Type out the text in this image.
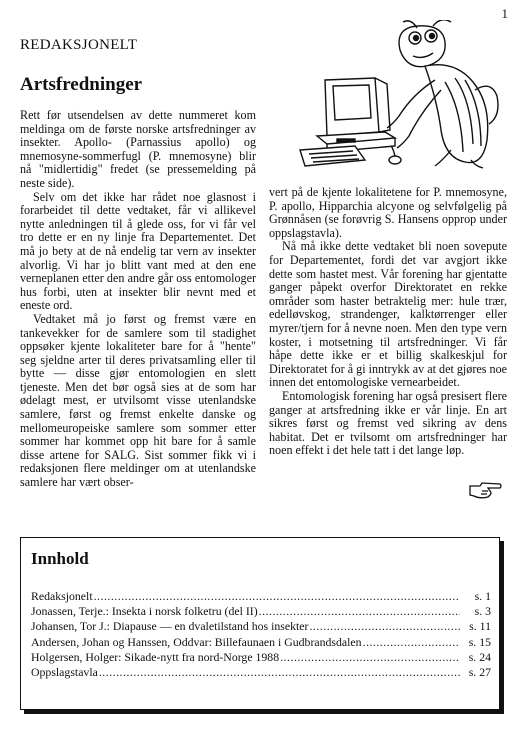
1
REDAKSJONELT
Artsfredninger

Rett før utsendelsen av dette nummeret kom meldinga om de første norske artsfredninger av insekter. Apollo- (Parnassius apollo) og mnemosyne-sommerfugl (P. mnemosyne) blir nå "midlertidig" fredet (se pressemelding på neste side).

Selv om det ikke har rådet noe glasnost i forarbeidet til dette vedtaket, får vi allikevel nytte anledningen til å glede oss, for vi får vel tro dette er en ny linje fra Departementet. Det må jo bety at de nå endelig tar vern av insekter alvorlig. Vi har jo blitt vant med at den ene verneplanen etter den andre går oss entomologer hus forbi, uten at insekter blir nevnt med et eneste ord.

Vedtaket må jo først og fremst være en tankevekker for de samlere som til stadighet oppsøker kjente lokaliteter bare for å "hente" seg sjeldne arter til deres privatsamling eller til bytte — disse gjør entomologien en slett tjeneste. Men det bør også sies at de som har ødelagt mest, er utvilsomt visse utenlandske samlere, først og fremst enkelte danske og mellomeuropeiske samlere som sommer etter sommer har kommet opp hit bare for å samle disse artene for SALG. Sist sommer fikk vi i redaksjonen flere meldinger om at utenlandske samlere har vært obser-

vert på de kjente lokalitetene for P. mnemosyne, P. apollo, Hipparchia alcyone og selvfølgelig på Grønnåsen (se forøvrig S. Hansens opprop under oppslagstavla).

Nå må ikke dette vedtaket bli noen sovepute for Departementet, fordi det var avgjort ikke dette som hastet mest. Vår forening har gjentatte ganger påpekt overfor Direktoratet en rekke områder som haster betraktelig mer: hule trær, edelløvskog, strandenger, kalktørrenger eller myrer/tjern for å nevne noen. Men den type vern koster, i motsetning til artsfredninger. Vi får håpe dette ikke er et billig skalkeskjul for Direktoratet for å gi inntrykk av at det gjøres noe innen det entomologiske vernearbeidet.

Entomologisk forening har også presisert flere ganger at artsfredning ikke er vår linje. En art sikres først og fremst ved sikring av dens habitat. Det er tvilsomt om artsfredninger har noen effekt i det hele tatt i det lange løp.

Innhold
Redaksjonelt .....	s. 1
Jonassen, Terje.: Insekta i norsk folketru (del II) .....	s. 3
Johansen, Tor J.: Diapause — en dvaletilstand hos insekter .....	s. 11
Andersen, Johan og Hanssen, Oddvar: Billefaunaen i Gudbrandsdalen .....	s. 15
Holgersen, Holger: Sikade-nytt fra nord-Norge 1988 .....	s. 24
Oppslagstavla .....	s. 27
